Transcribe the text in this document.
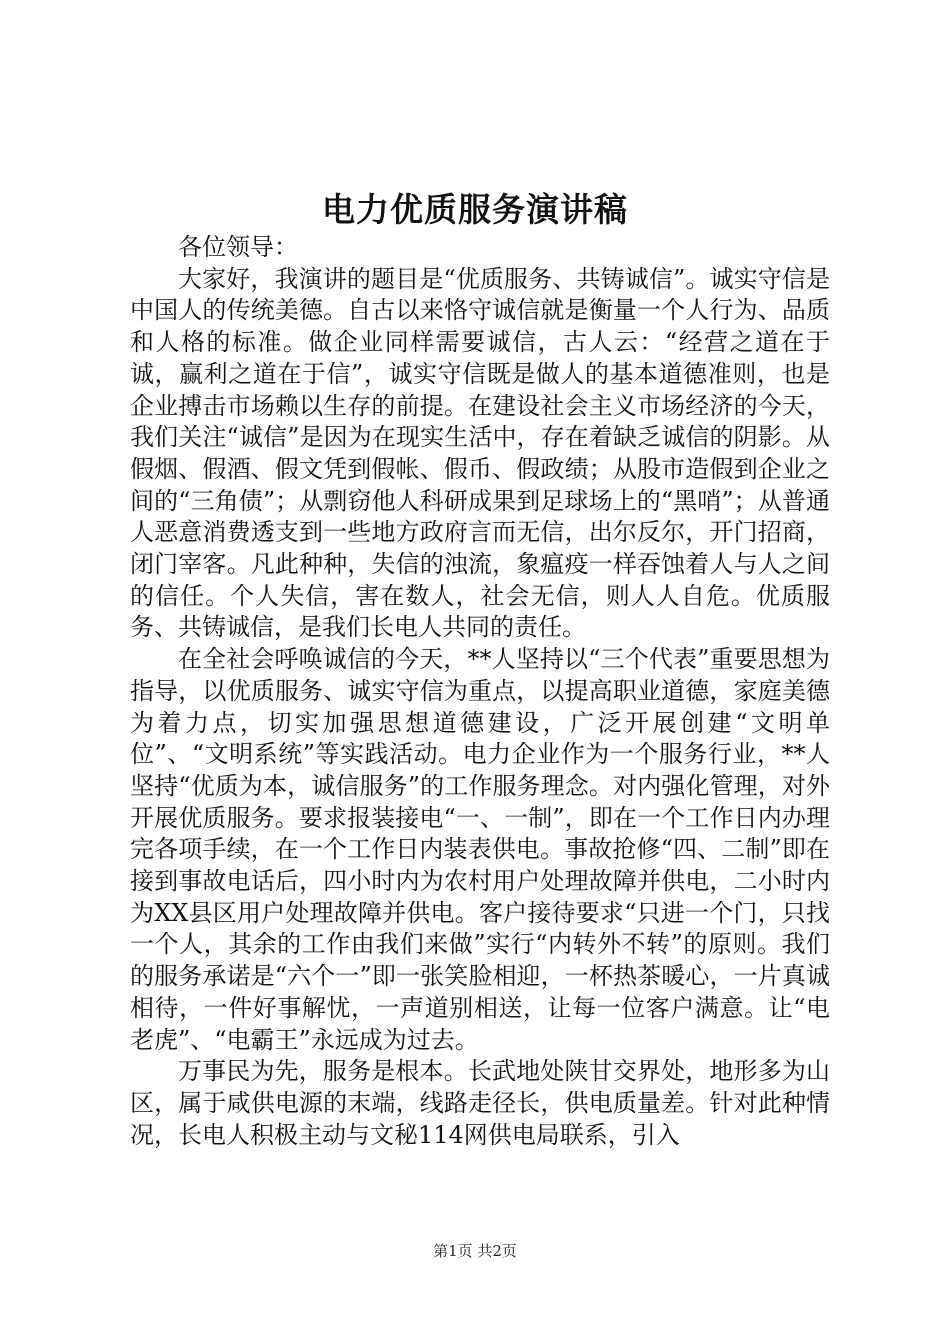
电力优质服务演讲稿

各位领导：

大家好，我演讲的题目是“优质服务、共铸诚信”。诚实守信是中国人的传统美德。自古以来恪守诚信就是衡量一个人行为、品质和人格的标准。做企业同样需要诚信，古人云：“经营之道在于诚，赢利之道在于信”，诚实守信既是做人的基本道德准则，也是企业搏击市场赖以生存的前提。在建设社会主义市场经济的今天，我们关注“诚信”是因为在现实生活中，存在着缺乏诚信的阴影。从假烟、假酒、假文凭到假帐、假币、假政绩；从股市造假到企业之间的“三角债”；从剽窃他人科研成果到足球场上的“黑哨”；从普通人恶意消费透支到一些地方政府言而无信，出尔反尔，开门招商，闭门宰客。凡此种种，失信的浊流，象瘟疫一样吞蚀着人与人之间的信任。个人失信，害在数人，社会无信，则人人自危。优质服务、共铸诚信，是我们长电人共同的责任。

在全社会呼唤诚信的今天，**人坚持以“三个代表”重要思想为指导，以优质服务、诚实守信为重点，以提高职业道德，家庭美德为着力点，切实加强思想道德建设，广泛开展创建“文明单位”、“文明系统”等实践活动。电力企业作为一个服务行业，**人坚持“优质为本，诚信服务”的工作服务理念。对内强化管理，对外开展优质服务。要求报装接电“一、一制”，即在一个工作日内办理完各项手续，在一个工作日内装表供电。事故抢修“四、二制”即在接到事故电话后，四小时内为农村用户处理故障并供电，二小时内为XX县区用户处理故障并供电。客户接待要求“只进一个门，只找一个人，其余的工作由我们来做”实行“内转外不转”的原则。我们的服务承诺是“六个一”即一张笑脸相迎，一杯热茶暖心，一片真诚相待，一件好事解忧，一声道别相送，让每一位客户满意。让“电老虎”、“电霸王”永远成为过去。

万事民为先，服务是根本。长武地处陕甘交界处，地形多为山区，属于咸供电源的末端，线路走径长，供电质量差。针对此种情况，长电人积极主动与文秘114网供电局联系，引入

第1页 共2页
